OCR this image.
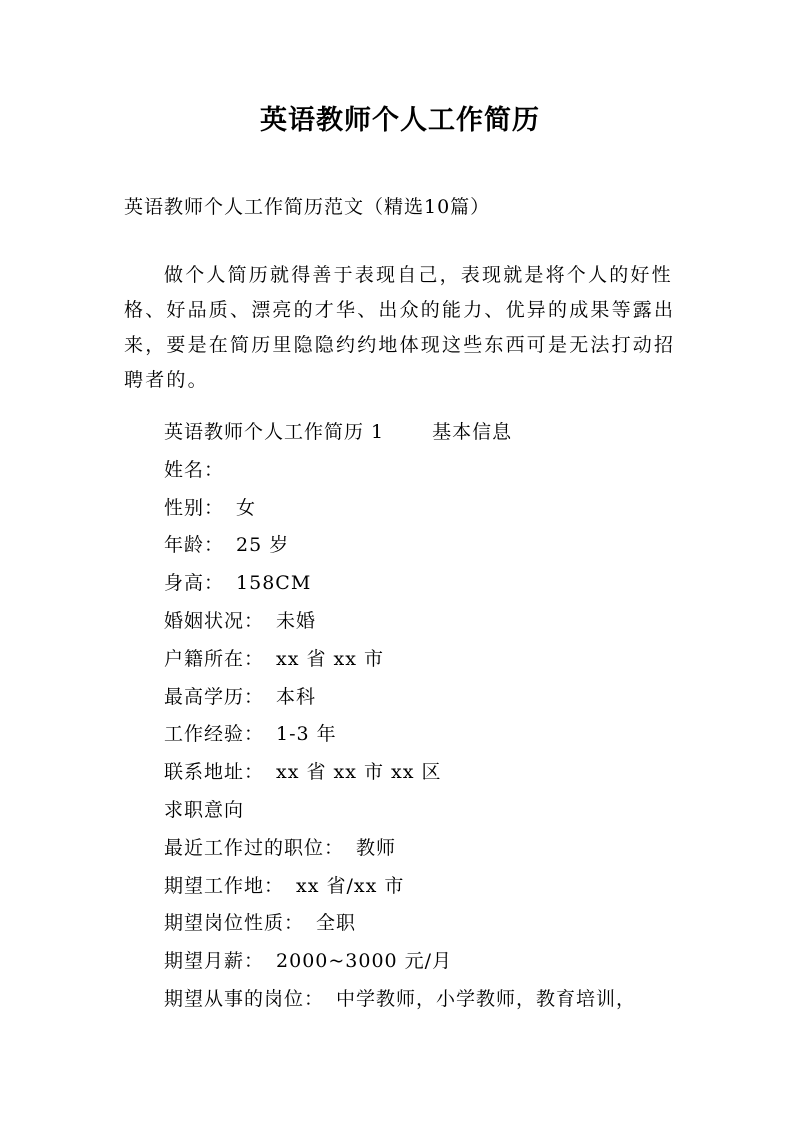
英语教师个人工作简历
英语教师个人工作简历范文（精选10篇）

做个人简历就得善于表现自己，表现就是将个人的好性格、好品质、漂亮的才华、出众的能力、优异的成果等露出来，要是在简历里隐隐约约地体现这些东西可是无法打动招聘者的。

英语教师个人工作简历 1	基本信息
姓名：
性别： 女
年龄： 25 岁
身高： 158CM
婚姻状况： 未婚
户籍所在： xx 省 xx 市
最高学历： 本科
工作经验： 1-3 年
联系地址： xx 省 xx 市 xx 区
求职意向
最近工作过的职位： 教师
期望工作地： xx 省/xx 市
期望岗位性质： 全职
期望月薪： 2000~3000 元/月
期望从事的岗位： 中学教师，小学教师，教育培训，
